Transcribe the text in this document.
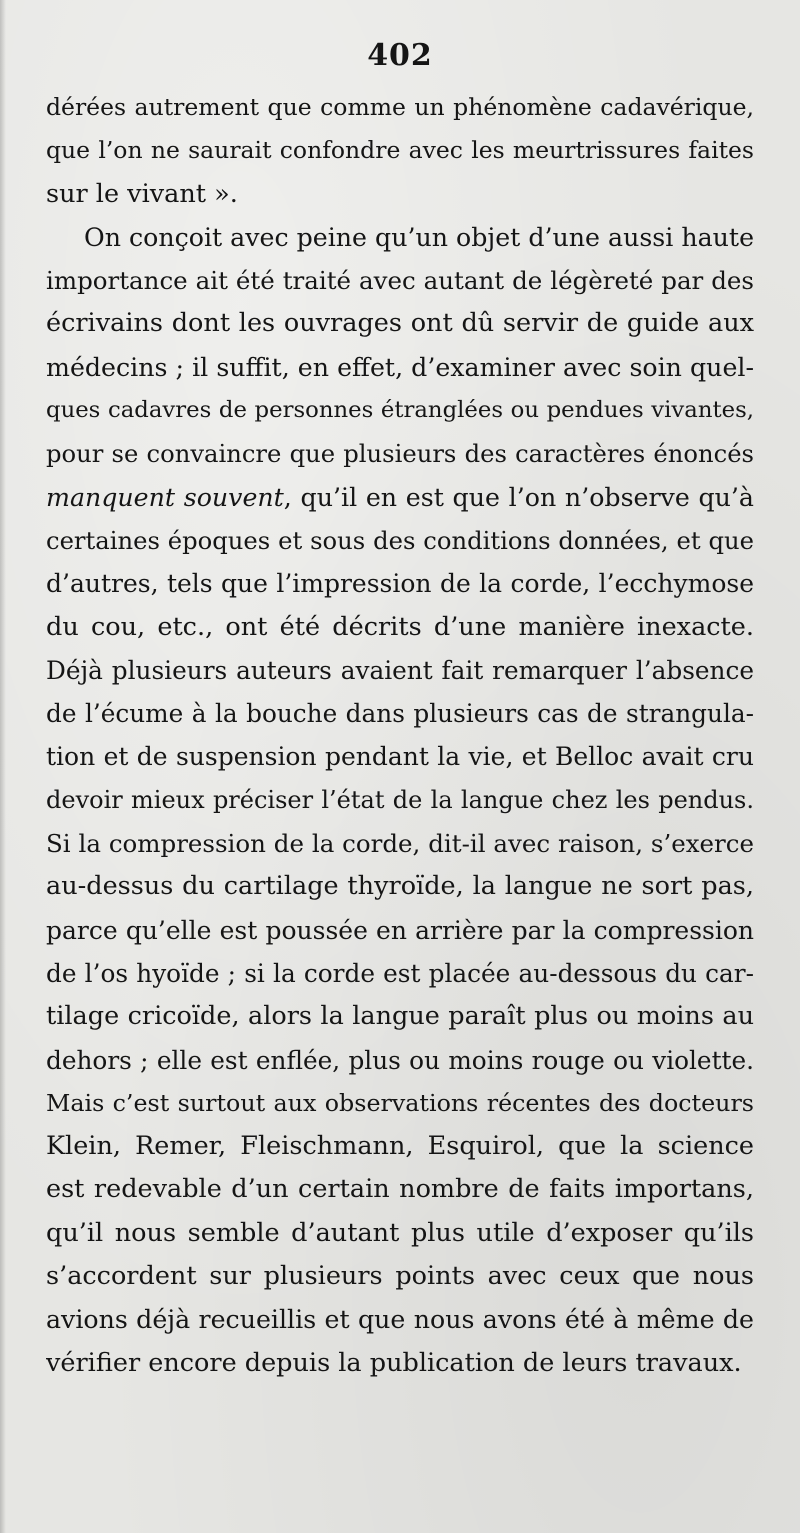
402
dérées autrement que comme un phénomène cadavérique,
que l’on ne saurait confondre avec les meurtrissures faites
sur le vivant ».
On conçoit avec peine qu’un objet d’une aussi haute
importance ait été traité avec autant de légèreté par des
écrivains dont les ouvrages ont dû servir de guide aux
médecins ; il suffit, en effet, d’examiner avec soin quel-
ques cadavres de personnes étranglées ou pendues vivantes,
pour se convaincre que plusieurs des caractères énoncés
manquent souvent, qu’il en est que l’on n’observe qu’à
certaines époques et sous des conditions données, et que
d’autres, tels que l’impression de la corde, l’ecchymose
du cou, etc., ont été décrits d’une manière inexacte.
Déjà plusieurs auteurs avaient fait remarquer l’absence
de l’écume à la bouche dans plusieurs cas de strangula-
tion et de suspension pendant la vie, et Belloc avait cru
devoir mieux préciser l’état de la langue chez les pendus.
Si la compression de la corde, dit-il avec raison, s’exerce
au-dessus du cartilage thyroïde, la langue ne sort pas,
parce qu’elle est poussée en arrière par la compression
de l’os hyoïde ; si la corde est placée au-dessous du car-
tilage cricoïde, alors la langue paraît plus ou moins au
dehors ; elle est enflée, plus ou moins rouge ou violette.
Mais c’est surtout aux observations récentes des docteurs
Klein, Remer, Fleischmann, Esquirol, que la science
est redevable d’un certain nombre de faits importans,
qu’il nous semble d’autant plus utile d’exposer qu’ils
s’accordent sur plusieurs points avec ceux que nous
avions déjà recueillis et que nous avons été à même de
vérifier encore depuis la publication de leurs travaux.
